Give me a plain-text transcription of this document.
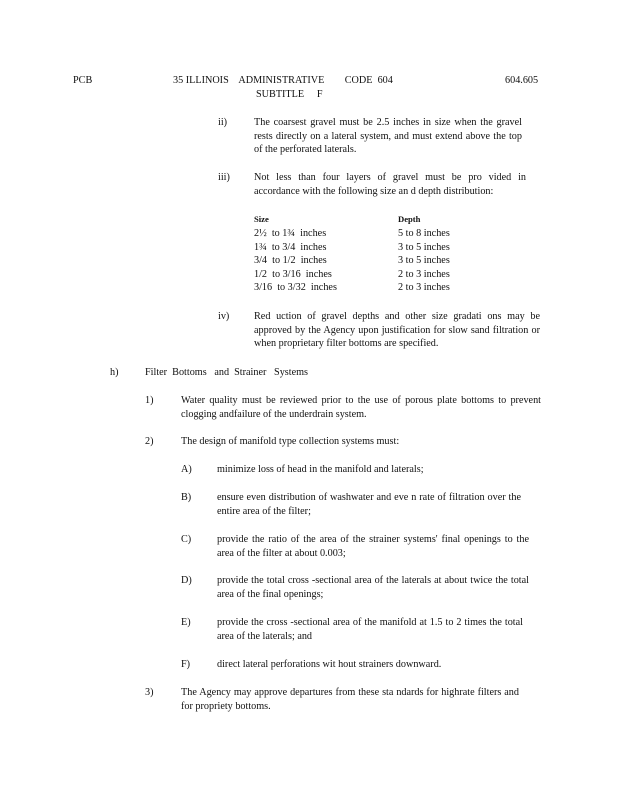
PCB	35 ILLINOIS    ADMINISTRATIVE        CODE  604
SUBTITLE     F
604.605
ii)	The coarsest gravel must be 2.5 inches in size when the gravel rests directly on a lateral system, and must extend above the top of the perforated laterals.
iii) Not less than four layers of gravel must be pro vided in accordance with the following size an d depth distribution:
Size	Depth
2½  to 1¾  inches	5 to 8 inches
1¾  to 3/4  inches	3 to 5 inches
3/4  to 1/2  inches	3 to 5 inches
1/2  to 3/16  inches	2 to 3 inches
3/16  to 3/32  inches	2 to 3 inches
iv) Red uction of gravel depths and other size gradati ons may be approved by the Agency upon justification for slow sand filtration or when proprietary filter bottoms are specified.
h)	Filter  Bottoms   and  Strainer   Systems
1)	Water quality must be reviewed prior to the use of porous plate bottoms to prevent clogging andfailure of the underdrain system.
2)	The design of manifold type collection systems must:
A) minimize loss of head in the manifold and laterals;
B)	ensure even distribution of washwater and eve n rate of filtration over the entire area of the filter;
C)	provide the ratio of the area of the strainer systems' final openings to the area of the filter at about 0.003;
D) provide the total cross -sectional area of the laterals at about twice the total area of the final openings;
E)	provide the cross -sectional area of the manifold at 1.5 to 2 times the total area of the laterals; and
F)	direct lateral perforations wit hout strainers downward.
3)	The Agency may approve departures from these sta ndards for highrate filters and for propriety bottoms.
